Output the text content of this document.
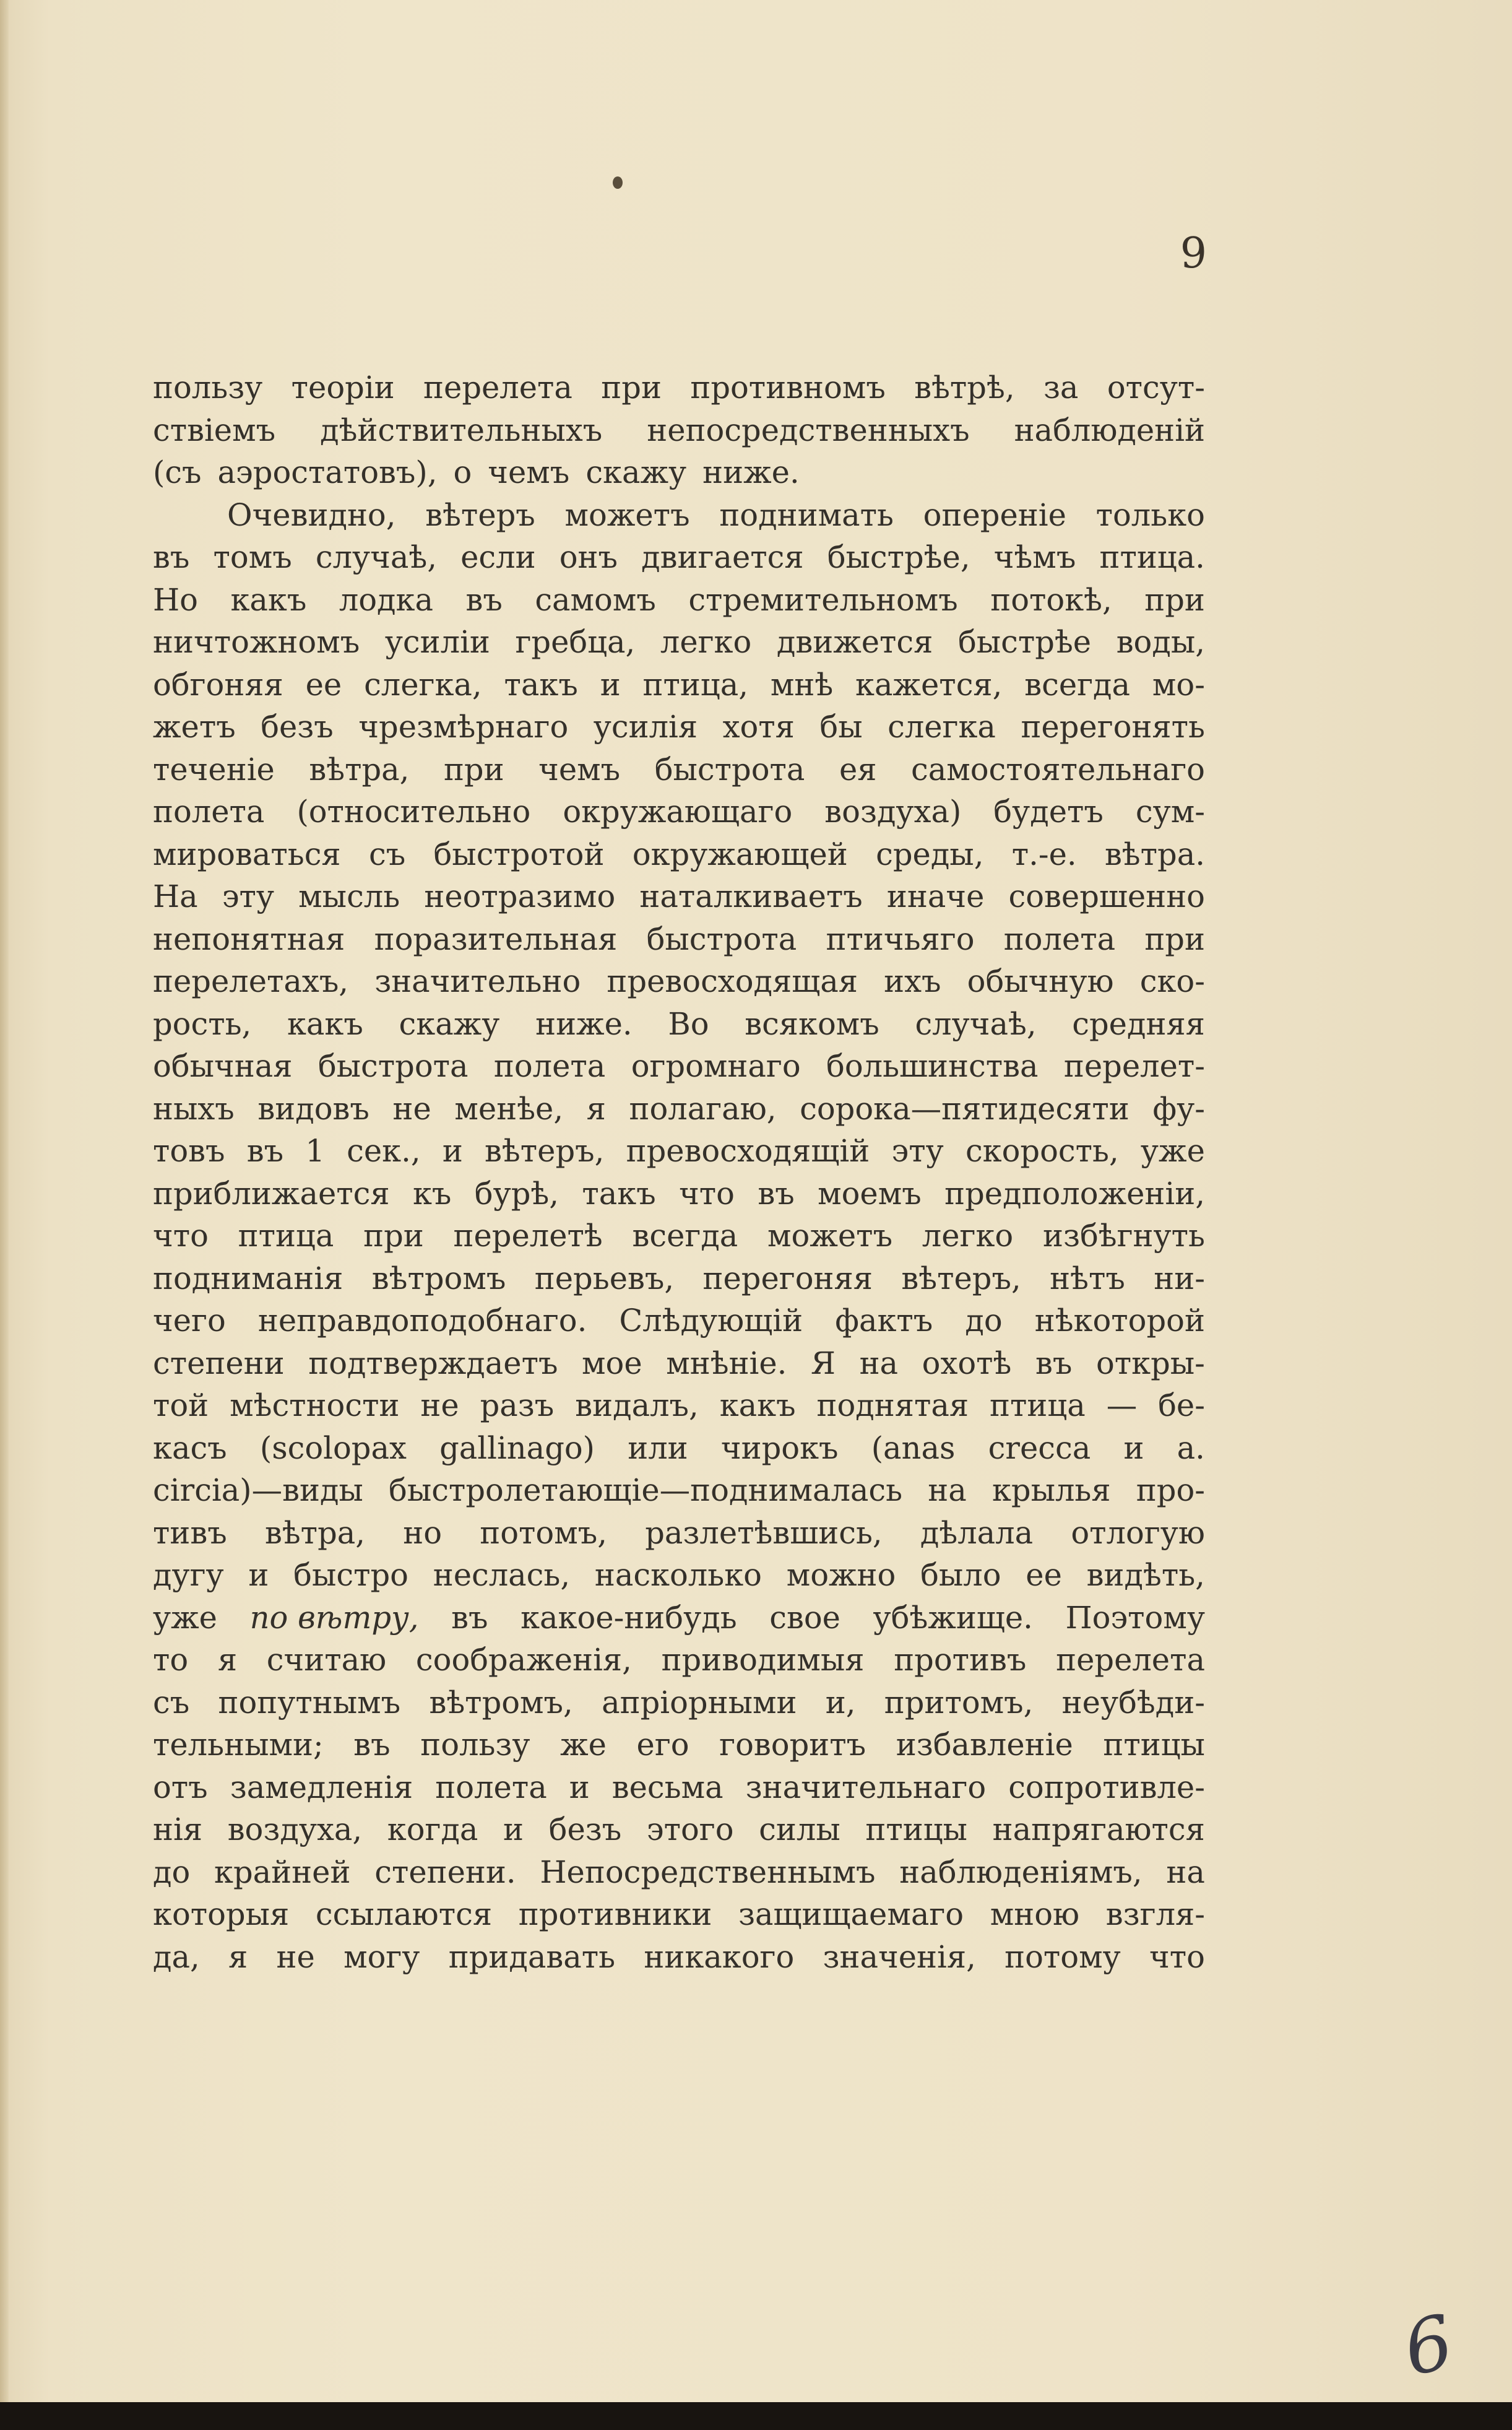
9
пользу теорiи перелета при противномъ вѣтрѣ, за отсут-
ствiемъ дѣйствительныхъ непосредственныхъ наблюденiй
(съ аэростатовъ), о чемъ скажу ниже.
Очевидно, вѣтеръ можетъ поднимать оперенiе только
въ томъ случаѣ, если онъ двигается быстрѣе, чѣмъ птица.
Но какъ лодка въ самомъ стремительномъ потокѣ, при
ничтожномъ усилiи гребца, легко движется быстрѣе воды,
обгоняя ее слегка, такъ и птица, мнѣ кажется, всегда мо-
жетъ безъ чрезмѣрнаго усилiя хотя бы слегка перегонять
теченiе вѣтра, при чемъ быстрота ея самостоятельнаго
полета (относительно окружающаго воздуха) будетъ сум-
мироваться съ быстротой окружающей среды, т.-е. вѣтра.
На эту мысль неотразимо наталкиваетъ иначе совершенно
непонятная поразительная быстрота птичьяго полета при
перелетахъ, значительно превосходящая ихъ обычную ско-
рость, какъ скажу ниже. Во всякомъ случаѣ, средняя
обычная быстрота полета огромнаго большинства перелет-
ныхъ видовъ не менѣе, я полагаю, сорока—пятидесяти фу-
товъ въ 1 сек., и вѣтеръ, превосходящiй эту скорость, уже
приближается къ бурѣ, такъ что въ моемъ предположенiи,
что птица при перелетѣ всегда можетъ легко избѣгнуть
подниманiя вѣтромъ перьевъ, перегоняя вѣтеръ, нѣтъ ни-
чего неправдоподобнаго. Слѣдующiй фактъ до нѣкоторой
степени подтверждаетъ мое мнѣнiе. Я на охотѣ въ откры-
той мѣстности не разъ видалъ, какъ поднятая птица — бе-
касъ (scolopax gallinago) или чирокъ (anas crecca и a.
circia)—виды быстролетающiе—поднималась на крылья про-
тивъ вѣтра, но потомъ, разлетѣвшись, дѣлала отлогую
дугу и быстро неслась, насколько можно было ее видѣть,
уже по вѣтру, въ какое-нибудь свое убѣжище. Поэтому
то я считаю соображенiя, приводимыя противъ перелета
съ попутнымъ вѣтромъ, апрiорными и, притомъ, неубѣди-
тельными; въ пользу же его говоритъ избавленiе птицы
отъ замедленiя полета и весьма значительнаго сопротивле-
нiя воздуха, когда и безъ этого силы птицы напрягаются
до крайней степени. Непосредственнымъ наблюденiямъ, на
которыя ссылаются противники защищаемаго мною взгля-
да, я не могу придавать никакого значенiя, потому что
6
